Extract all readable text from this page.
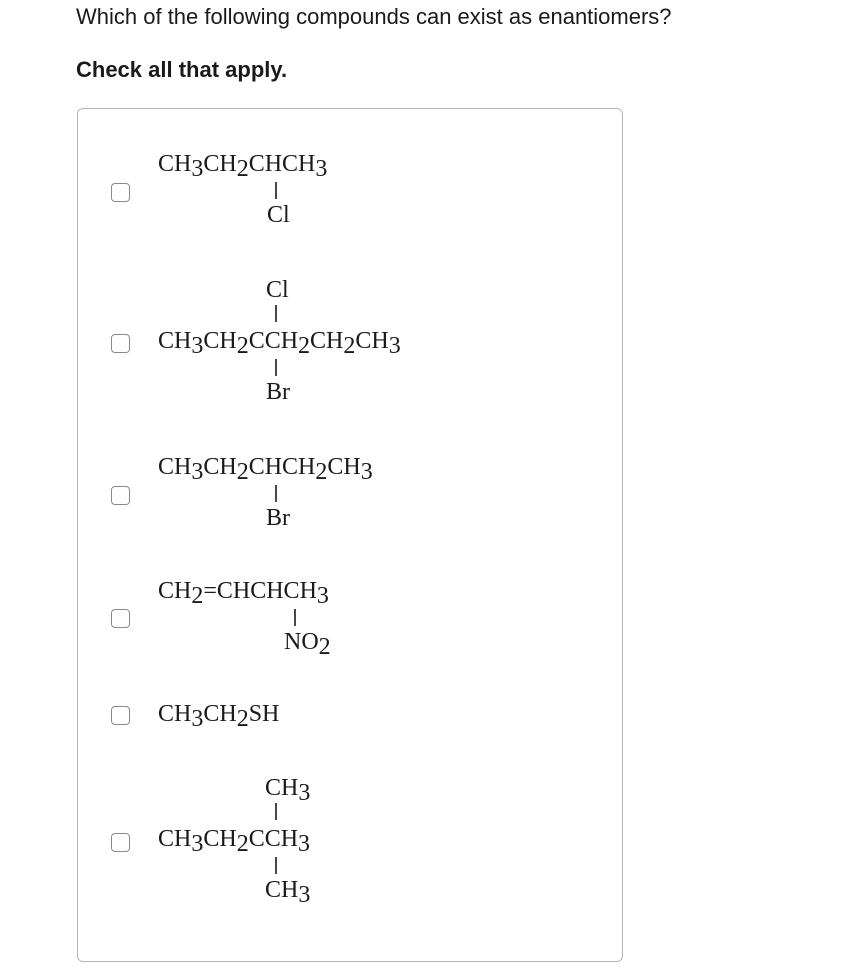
Which of the following compounds can exist as enantiomers?

Check all that apply.

CH3CH2CHCH3
Cl
Cl
CH3CH2CCH2CH2CH3
Br
CH3CH2CHCH2CH3
Br
CH2=CHCHCH3
NO2
CH3CH2SH
CH3
CH3CH2CCH3
CH3
